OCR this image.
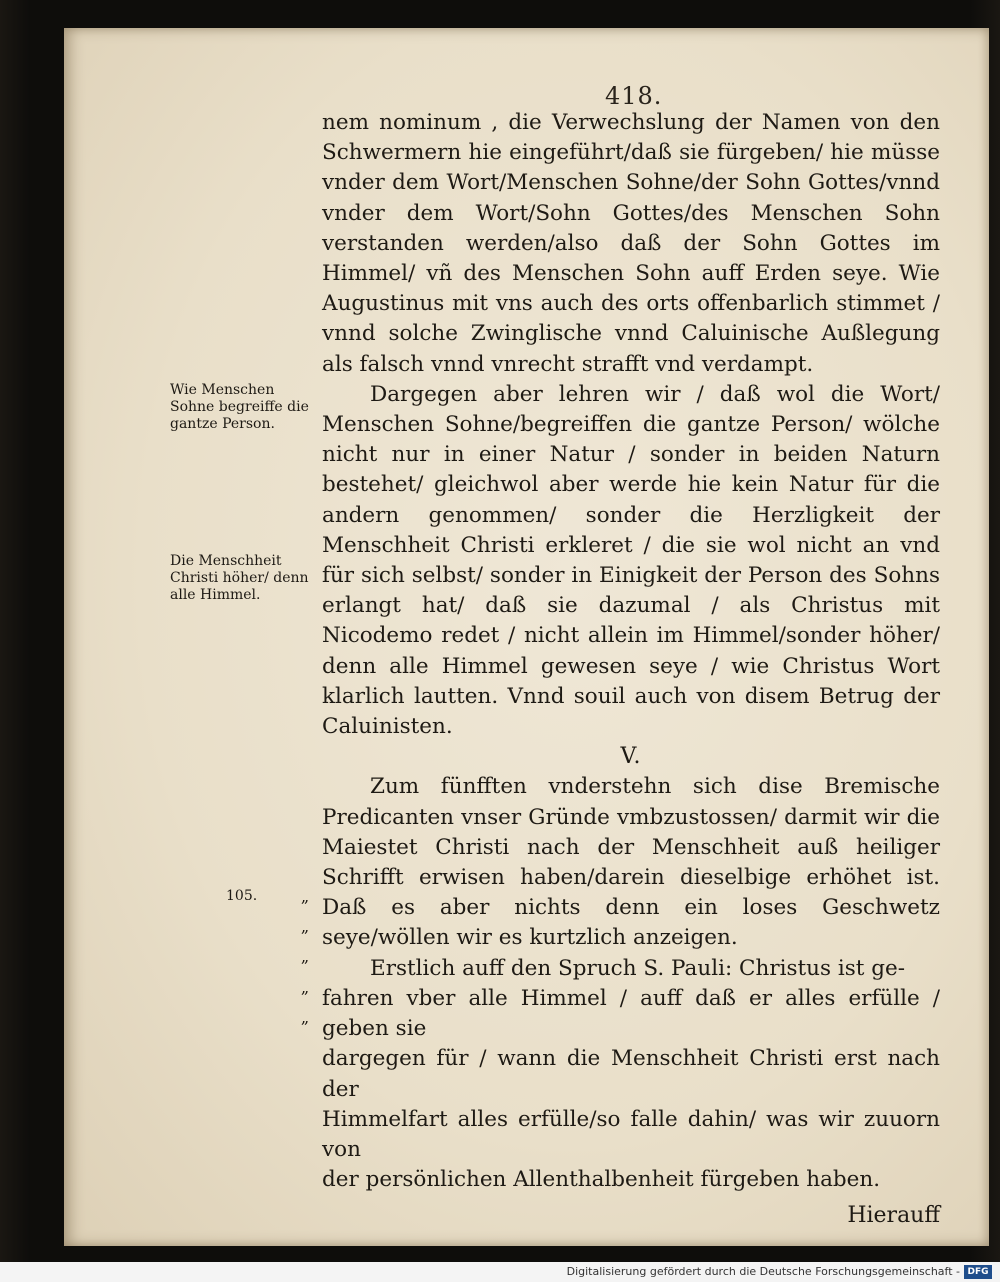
418.

nem nominum , die Verwechslung der Namen von den Schwermern hie eingeführt/daß sie fürgeben/ hie müsse vnder dem Wort/Menschen Sohne/der Sohn Gottes/vnnd vnder dem Wort/Sohn Gottes/des Menschen Sohn verstanden werden/also daß der Sohn Gottes im Himmel/ vñ des Menschen Sohn auff Erden seye. Wie Augustinus mit vns auch des orts offenbarlich stimmet / vnnd solche Zwinglische vnnd Caluinische Außlegung als falsch vnnd vnrecht strafft vnd verdampt.

Dargegen aber lehren wir / daß wol die Wort/ Menschen Sohne/begreiffen die gantze Person/ wölche nicht nur in einer Natur / sonder in beiden Naturn bestehet/ gleichwol aber werde hie kein Natur für die andern genommen/ sonder die Herzligkeit der Menschheit Christi erkleret / die sie wol nicht an vnd für sich selbst/ sonder in Einigkeit der Person des Sohns erlangt hat/ daß sie dazumal / als Christus mit Nicodemo redet / nicht allein im Himmel/sonder höher/ denn alle Himmel gewesen seye / wie Christus Wort klarlich lautten. Vnnd souil auch von disem Betrug der Caluinisten.

V.

Zum fünfften vnderstehn sich dise Bremische Predicanten vnser Gründe vmbzustossen/ darmit wir die Maiestet Christi nach der Menschheit auß heiliger Schrifft erwisen haben/darein dieselbige erhöhet ist. Daß es aber nichts denn ein loses Geschwetz seye/wöllen wir es kurtzlich anzeigen.

Erstlich auff den Spruch S. Pauli: Christus ist ge-
fahren vber alle Himmel / auff daß er alles erfülle / geben sie
dargegen für / wann die Menschheit Christi erst nach der
Himmelfart alles erfülle/so falle dahin/ was wir zuuorn von
der persönlichen Allenthalbenheit fürgeben haben.
Hierauff
Wie Menschen Sohne begreiffe die gantze Person.
Die Menschheit Christi höher/ denn alle Himmel.
105.	„
„
„
„
„
Digitalisierung gefördert durch die Deutsche Forschungsgemeinschaft - DFG
